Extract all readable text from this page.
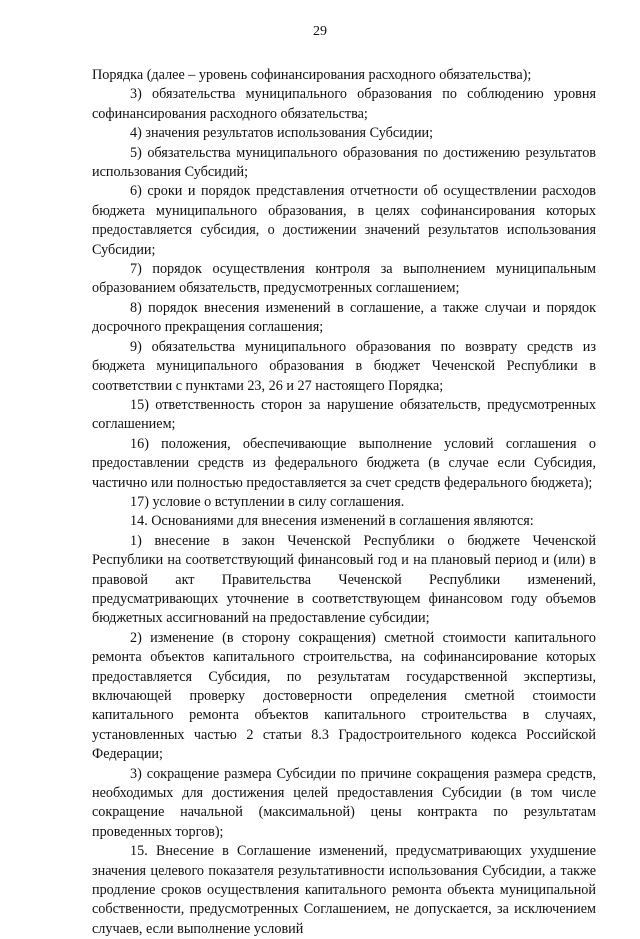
29

Порядка (далее – уровень софинансирования расходного обязательства);

3) обязательства муниципального образования по соблюдению уровня софинансирования расходного обязательства;

4) значения результатов использования Субсидии;

5) обязательства муниципального образования по достижению результатов использования Субсидий;

6) сроки и порядок представления отчетности об осуществлении расходов бюджета муниципального образования, в целях софинансирования которых предоставляется субсидия, о достижении значений результатов использования Субсидии;

7) порядок осуществления контроля за выполнением муниципальным образованием обязательств, предусмотренных соглашением;

8) порядок внесения изменений в соглашение, а также случаи и порядок досрочного прекращения соглашения;

9) обязательства муниципального образования по возврату средств из бюджета муниципального образования в бюджет Чеченской Республики в соответствии с пунктами 23, 26 и 27 настоящего Порядка;

15) ответственность сторон за нарушение обязательств, предусмотренных соглашением;

16) положения, обеспечивающие выполнение условий соглашения о предоставлении средств из федерального бюджета (в случае если Субсидия, частично или полностью предоставляется за счет средств федерального бюджета);

17) условие о вступлении в силу соглашения.

14. Основаниями для внесения изменений в соглашения являются:

1) внесение в закон Чеченской Республики о бюджете Чеченской Республики на соответствующий финансовый год и на плановый период и (или) в правовой акт Правительства Чеченской Республики изменений, предусматривающих уточнение в соответствующем финансовом году объемов бюджетных ассигнований на предоставление субсидии;

2) изменение (в сторону сокращения) сметной стоимости капитального ремонта объектов капитального строительства, на софинансирование которых предоставляется Субсидия, по результатам государственной экспертизы, включающей проверку достоверности определения сметной стоимости капитального ремонта объектов капитального строительства в случаях, установленных частью 2 статьи 8.3 Градостроительного кодекса Российской Федерации;

3) сокращение размера Субсидии по причине сокращения размера средств, необходимых для достижения целей предоставления Субсидии (в том числе сокращение начальной (максимальной) цены контракта по результатам проведенных торгов);

15. Внесение в Соглашение изменений, предусматривающих ухудшение значения целевого показателя результативности использования Субсидии, а также продление сроков осуществления капитального ремонта объекта муниципальной собственности, предусмотренных Соглашением, не допускается, за исключением случаев, если выполнение условий
